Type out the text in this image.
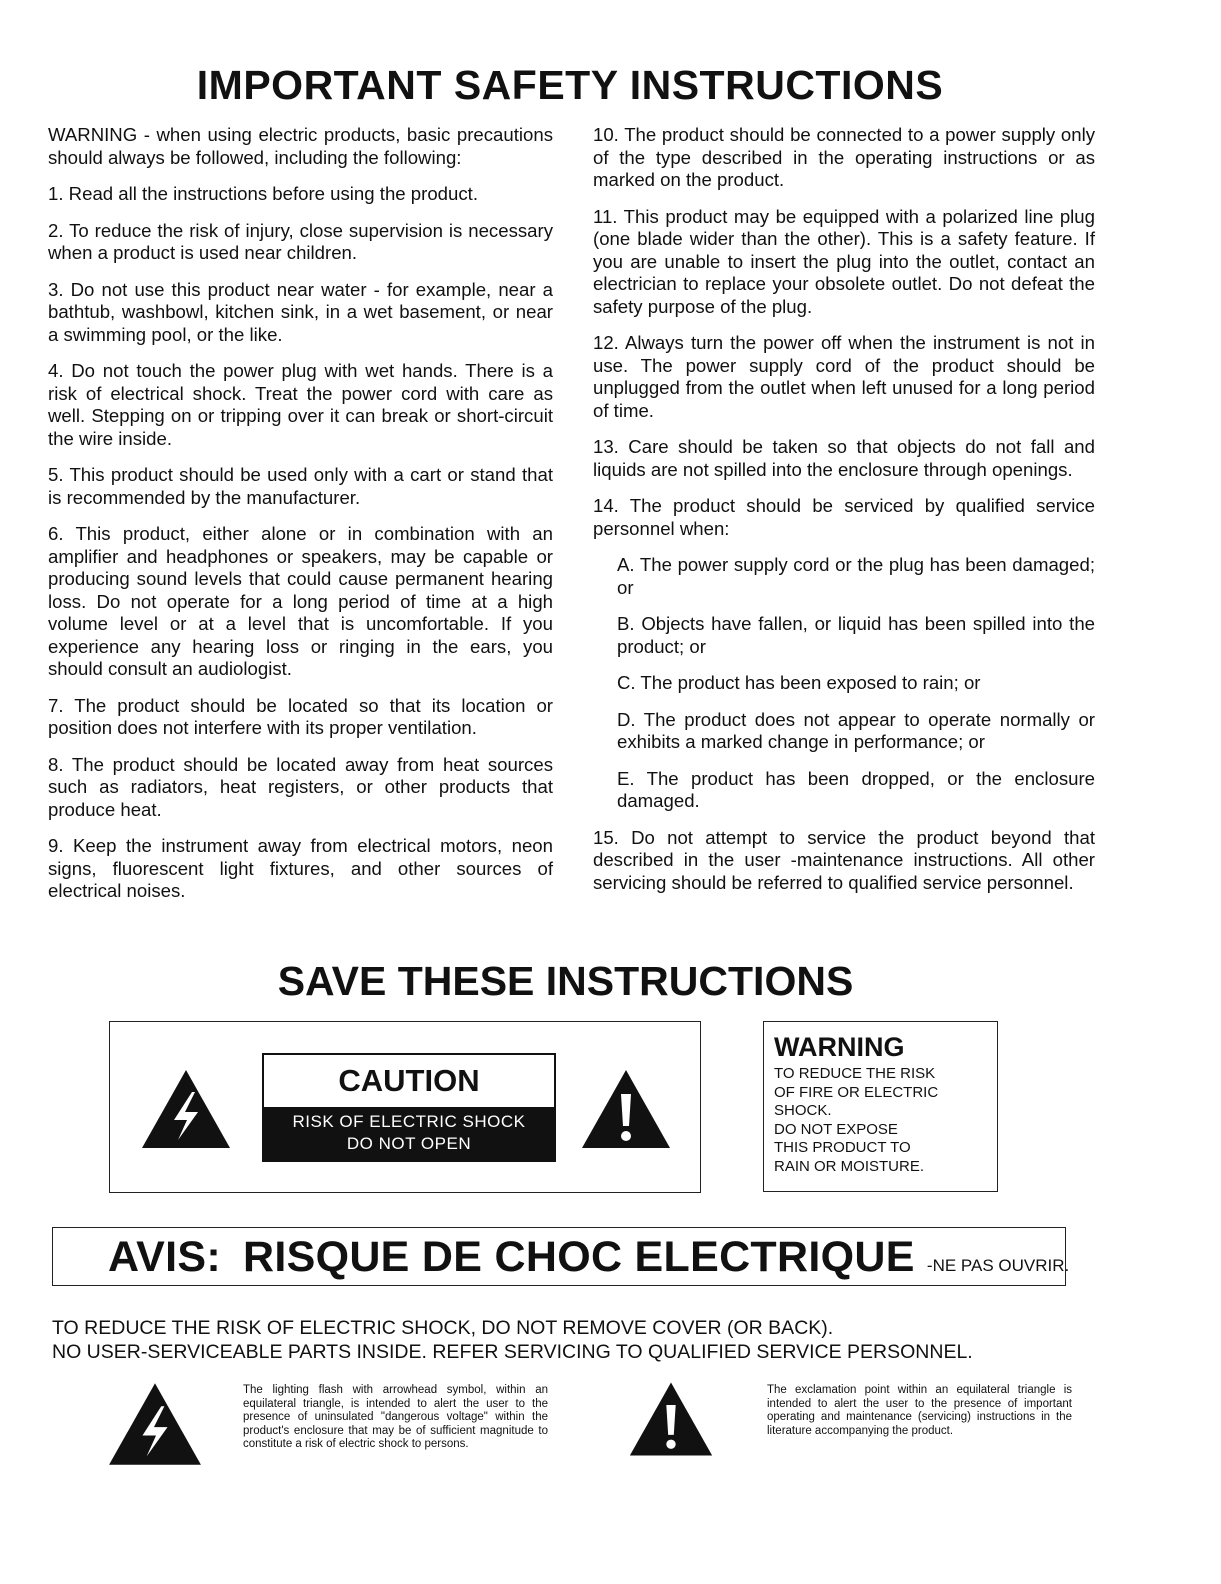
IMPORTANT SAFETY INSTRUCTIONS

WARNING - when using electric products, basic precautions should always be followed, including the following:

1. Read all the instructions before using the product.

2. To reduce the risk of injury, close supervision is necessary when a product is used near children.

3. Do not use this product near water - for example, near a bathtub, washbowl, kitchen sink, in a wet basement, or near a swimming pool, or the like.

4. Do not touch the power plug with wet hands. There is a risk of electrical shock. Treat the power cord with care as well. Stepping on or tripping over it can break or short-circuit the wire inside.

5. This product should be used only with a cart or stand that is recommended by the manufacturer.

6. This product, either alone or in combination with an amplifier and headphones or speakers, may be capable or producing sound levels that could cause permanent hearing loss. Do not operate for a long period of time at a high volume level or at a level that is uncomfortable. If you experience any hearing loss or ringing in the ears, you should consult an audiologist.

7. The product should be located so that its location or position does not interfere with its proper ventilation.

8. The product should be located away from heat sources such as radiators, heat registers, or other products that produce heat.

9. Keep the instrument away from electrical motors, neon signs, fluorescent light fixtures, and other sources of electrical noises.

10. The product should be connected to a power supply only of the type described in the operating instructions or as marked on the product.

11. This product may be equipped with a polarized line plug (one blade wider than the other). This is a safety feature. If you are unable to insert the plug into the outlet, contact an electrician to replace your obsolete outlet. Do not defeat the safety purpose of the plug.

12. Always turn the power off when the instrument is not in use. The power supply cord of the product should be unplugged from the outlet when left unused for a long period of time.

13. Care should be taken so that objects do not fall and liquids are not spilled into the enclosure through openings.

14. The product should be serviced by qualified service personnel when:

A. The power supply cord or the plug has been damaged; or

B. Objects have fallen, or liquid has been spilled into the product; or

C. The product has been exposed to rain; or

D. The product does not appear to operate normally or exhibits a marked change in performance; or

E. The product has been dropped, or the enclosure damaged.

15. Do not attempt to service the product beyond that described in the user -maintenance instructions. All other servicing should be referred to qualified service personnel.

SAVE THESE INSTRUCTIONS
CAUTION
RISK OF ELECTRIC SHOCK
DO NOT OPEN

WARNING

TO REDUCE THE RISK

OF FIRE OR ELECTRIC

SHOCK.

DO NOT EXPOSE

THIS PRODUCT TO

RAIN OR MOISTURE.

AVIS: RISQUE DE CHOC ELECTRIQUE -NE PAS OUVRIR.
TO REDUCE THE RISK OF ELECTRIC SHOCK, DO NOT REMOVE COVER (OR BACK).
NO USER-SERVICEABLE PARTS INSIDE. REFER SERVICING TO QUALIFIED SERVICE PERSONNEL.

The lighting flash with arrowhead symbol, within an equilateral triangle, is intended to alert the user to the presence of uninsulated "dangerous voltage" within the product's enclosure that may be of sufficient magnitude to constitute a risk of electric shock to persons.

The exclamation point within an equilateral triangle is intended to alert the user to the presence of important operating and maintenance (servicing) instructions in the literature accompanying the product.
